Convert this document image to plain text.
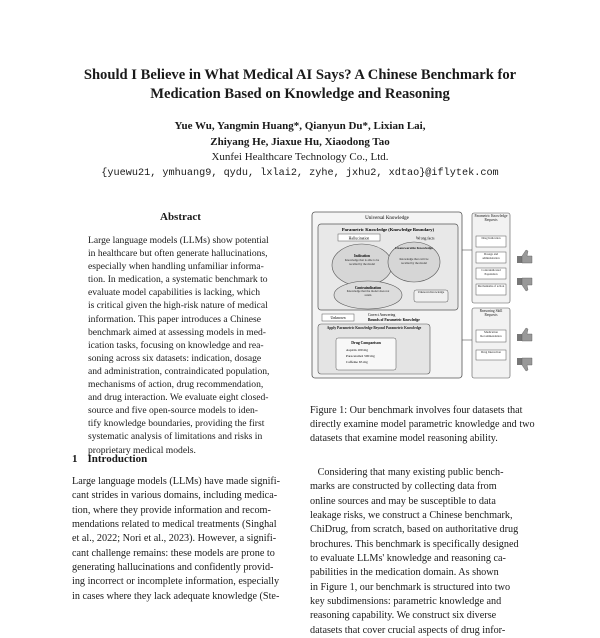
Should I Believe in What Medical AI Says? A Chinese Benchmark for
Medication Based on Knowledge and Reasoning
Yue Wu, Yangmin Huang*, Qianyun Du*, Lixian Lai,
Zhiyang He, Jiaxue Hu, Xiaodong Tao
Xunfei Healthcare Technology Co., Ltd.
{yuewu21, ymhuang9, qydu, lxlai2, zyhe, jxhu2, xdtao}@iflytek.com
Abstract
Large language models (LLMs) show potential
in healthcare but often generate hallucinations,
especially when handling unfamiliar informa-
tion. In medication, a systematic benchmark to
evaluate model capabilities is lacking, which
is critical given the high-risk nature of medical
information. This paper introduces a Chinese
benchmark aimed at assessing models in med-
ication tasks, focusing on knowledge and rea-
soning across six datasets: indication, dosage
and administration, contraindicated population,
mechanisms of action, drug recommendation,
and drug interaction. We evaluate eight closed-
source and five open-source models to iden-
tify knowledge boundaries, providing the first
systematic analysis of limitations and risks in
proprietary medical models.
1 Introduction
Large language models (LLMs) have made signifi-
cant strides in various domains, including medica-
tion, where they provide information and recom-
mendations related to medical treatments (Singhal
et al., 2022; Nori et al., 2023). However, a signifi-
cant challenge remains: these models are prone to
generating hallucinations and confidently provid-
ing incorrect or incomplete information, especially
in cases where they lack adequate knowledge (Ste-
Universal Knowledge
Parametric Knowledge (Knowledge Boundary)
Hallucination	Wrong facts
Indication
Knowledge that is able to be recalled by the model
Unanswerable Knowledge
Knowledge that can't be recalled by the model
Contraindication
Knowledge that the model does not retain
Unknown Knowledge
Unknown
Correct Answering
Bounds of Parametric Knowledge
Apply Parametric Knowledge Beyond Parametric Knowledge
Drug Comparison
Aspirin 100 mg
Paracetamol 500 mg
Caffeine 65 mg
Parametric Knowledge Requests
Drug Indication
Dosage and administration
Contraindicated Population
Mechanisms of action
Reasoning Skill Requests
Medication Recommendation
Drug Interaction
Figure 1: Our benchmark involves four datasets that
directly examine model parametric knowledge and two
datasets that examine model reasoning ability.
Considering that many existing public bench-
marks are constructed by collecting data from
online sources and may be susceptible to data
leakage risks, we construct a Chinese benchmark,
ChiDrug, from scratch, based on authoritative drug
brochures. This benchmark is specifically designed
to evaluate LLMs' knowledge and reasoning ca-
pabilities in the medication domain. As shown
in Figure 1, our benchmark is structured into two
key subdimensions: parametric knowledge and
reasoning capability. We construct six diverse
datasets that cover crucial aspects of drug infor-
